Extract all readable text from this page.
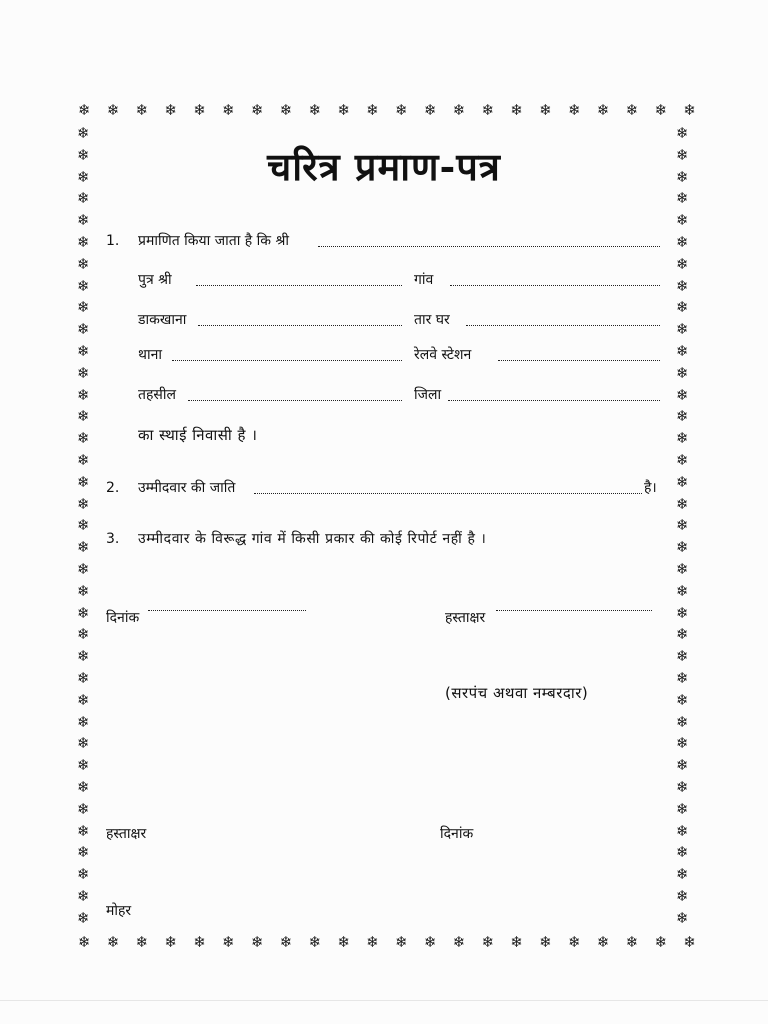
❄ ❄ ❄ ❄ ❄ ❄ ❄ ❄ ❄ ❄ ❄ ❄ ❄ ❄ ❄ ❄ ❄ ❄ ❄ ❄ ❄ ❄
❄ ❄ ❄ ❄ ❄ ❄ ❄ ❄ ❄ ❄ ❄ ❄ ❄ ❄ ❄ ❄ ❄ ❄ ❄ ❄ ❄ ❄
❄
❄
❄
❄
❄
❄
❄
❄
❄
❄
❄
❄
❄
❄
❄
❄
❄
❄
❄
❄
❄
❄
❄
❄
❄
❄
❄
❄
❄
❄
❄
❄
❄
❄
❄
❄
❄
❄
❄
❄
❄
❄
❄
❄
❄
❄
❄
❄
❄
❄
❄
❄
❄
❄
❄
❄
❄
❄
❄
❄
❄
❄
❄
❄
❄
❄
❄
❄
❄
❄
❄
❄
❄
❄
चरित्र प्रमाण-पत्र
1. प्रमाणित किया जाता है कि श्री
पुत्र श्री	गांव
डाकखाना	तार घर
थाना	रेलवे स्टेशन
तहसील	जिला
का स्थाई निवासी है ।
2. उम्मीदवार की जाति	है।
3. उम्मीदवार के विरूद्ध गांव में किसी प्रकार की कोई रिपोर्ट नहीं है ।
दिनांक	हस्ताक्षर
(सरपंच अथवा नम्बरदार)
हस्ताक्षर	दिनांक
मोहर
